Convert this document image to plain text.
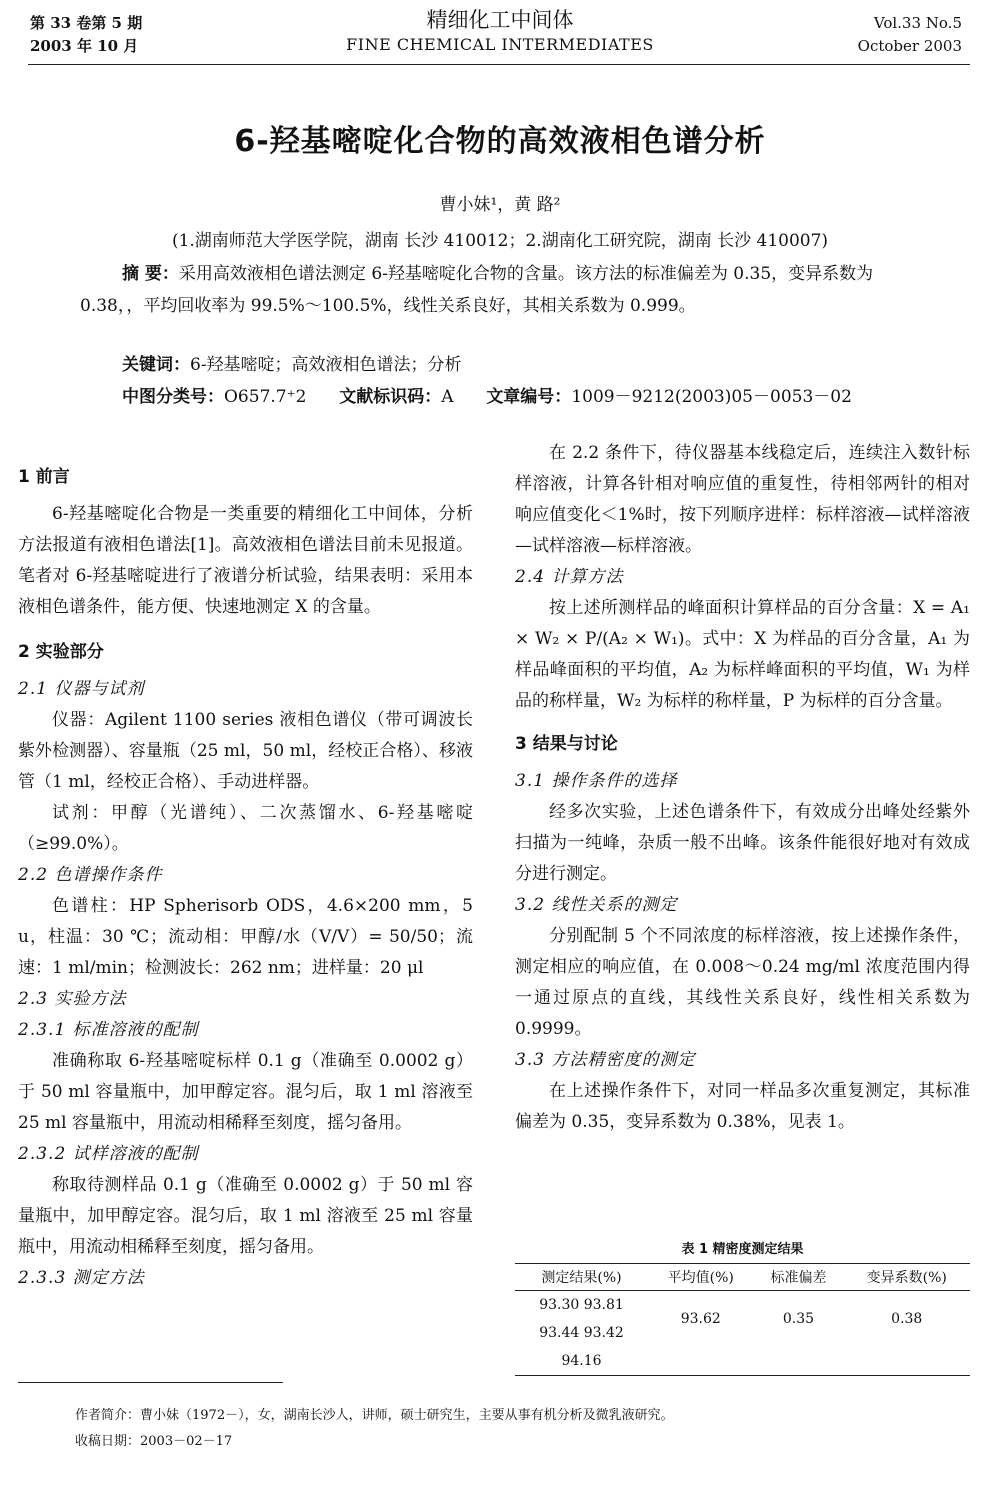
第 33 卷第 5 期
2003 年 10 月
精细化工中间体
FINE CHEMICAL INTERMEDIATES
Vol.33 No.5
October 2003
6-羟基嘧啶化合物的高效液相色谱分析
曹小妹¹，黄 路²
(1.湖南师范大学医学院，湖南 长沙 410012；2.湖南化工研究院，湖南 长沙 410007)
摘 要：采用高效液相色谱法测定 6-羟基嘧啶化合物的含量。该方法的标准偏差为 0.35，变异系数为 0.38，，平均回收率为 99.5%～100.5%，线性关系良好，其相关系数为 0.999。
关键词：6-羟基嘧啶；高效液相色谱法；分析
中图分类号：O657.7⁺2 文献标识码：A 文章编号：1009－9212(2003)05－0053－02
1 前言

6-羟基嘧啶化合物是一类重要的精细化工中间体，分析方法报道有液相色谱法[1]。高效液相色谱法目前未见报道。笔者对 6-羟基嘧啶进行了液谱分析试验，结果表明：采用本液相色谱条件，能方便、快速地测定 X 的含量。

2 实验部分
2.1 仪器与试剂

仪器：Agilent 1100 series 液相色谱仪（带可调波长紫外检测器）、容量瓶（25 ml，50 ml，经校正合格）、移液管（1 ml，经校正合格）、手动进样器。

试剂：甲醇（光谱纯）、二次蒸馏水、6-羟基嘧啶（≥99.0%）。

2.2 色谱操作条件

色谱柱：HP Spherisorb ODS，4.6×200 mm，5 u，柱温：30 ℃；流动相：甲醇/水（V/V）= 50/50；流速：1 ml/min；检测波长：262 nm；进样量：20 μl

2.3 实验方法
2.3.1 标准溶液的配制

准确称取 6-羟基嘧啶标样 0.1 g（准确至 0.0002 g）于 50 ml 容量瓶中，加甲醇定容。混匀后，取 1 ml 溶液至 25 ml 容量瓶中，用流动相稀释至刻度，摇匀备用。

2.3.2 试样溶液的配制

称取待测样品 0.1 g（准确至 0.0002 g）于 50 ml 容量瓶中，加甲醇定容。混匀后，取 1 ml 溶液至 25 ml 容量瓶中，用流动相稀释至刻度，摇匀备用。

2.3.3 测定方法

在 2.2 条件下，待仪器基本线稳定后，连续注入数针标样溶液，计算各针相对响应值的重复性，待相邻两针的相对响应值变化＜1%时，按下列顺序进样：标样溶液—试样溶液—试样溶液—标样溶液。

2.4 计算方法

按上述所测样品的峰面积计算样品的百分含量：X = A₁ × W₂ × P/(A₂ × W₁)。式中：X 为样品的百分含量，A₁ 为样品峰面积的平均值，A₂ 为标样峰面积的平均值，W₁ 为样品的称样量，W₂ 为标样的称样量，P 为标样的百分含量。

3 结果与讨论
3.1 操作条件的选择

经多次实验，上述色谱条件下，有效成分出峰处经紫外扫描为一纯峰，杂质一般不出峰。该条件能很好地对有效成分进行测定。

3.2 线性关系的测定

分别配制 5 个不同浓度的标样溶液，按上述操作条件，测定相应的响应值，在 0.008～0.24 mg/ml 浓度范围内得一通过原点的直线，其线性关系良好，线性相关系数为 0.9999。

3.3 方法精密度的测定

在上述操作条件下，对同一样品多次重复测定，其标准偏差为 0.35，变异系数为 0.38%，见表 1。

表 1 精密度测定结果
测定结果(%)	平均值(%)	标准偏差	变异系数(%)
93.30 93.81	93.62	0.35	0.38
93.44 93.42			
94.16			
作者简介：曹小妹（1972－），女，湖南长沙人，讲师，硕士研究生，主要从事有机分析及微乳液研究。
收稿日期：2003－02－17
